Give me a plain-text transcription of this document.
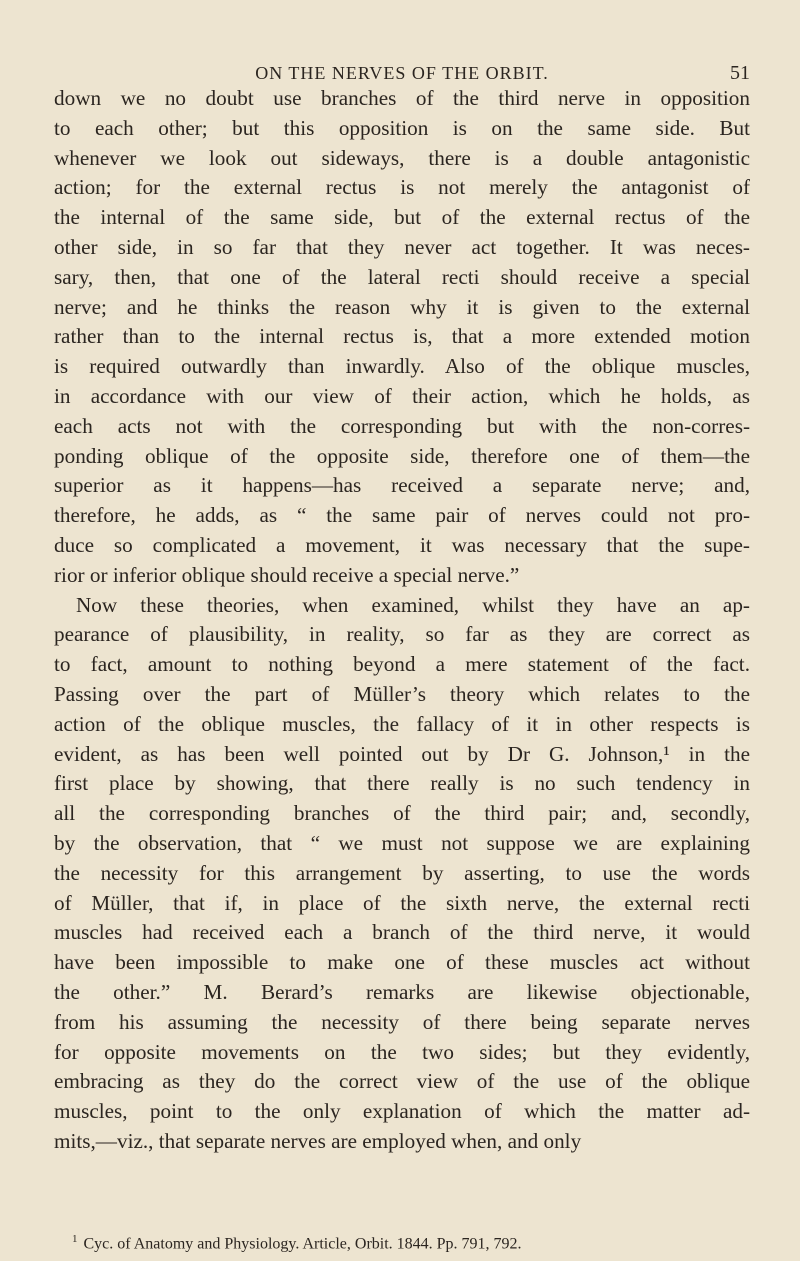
ON THE NERVES OF THE ORBIT.	51
down we no doubt use branches of the third nerve in opposition
to each other; but this opposition is on the same side. But
whenever we look out sideways, there is a double antagonistic
action; for the external rectus is not merely the antagonist of
the internal of the same side, but of the external rectus of the
other side, in so far that they never act together. It was neces-
sary, then, that one of the lateral recti should receive a special
nerve; and he thinks the reason why it is given to the external
rather than to the internal rectus is, that a more extended motion
is required outwardly than inwardly. Also of the oblique muscles,
in accordance with our view of their action, which he holds, as
each acts not with the corresponding but with the non-corres-
ponding oblique of the opposite side, therefore one of them—the
superior as it happens—has received a separate nerve; and,
therefore, he adds, as “ the same pair of nerves could not pro-
duce so complicated a movement, it was necessary that the supe-
rior or inferior oblique should receive a special nerve.”
Now these theories, when examined, whilst they have an ap-
pearance of plausibility, in reality, so far as they are correct as
to fact, amount to nothing beyond a mere statement of the fact.
Passing over the part of Müller’s theory which relates to the
action of the oblique muscles, the fallacy of it in other respects is
evident, as has been well pointed out by Dr G. Johnson,¹ in the
first place by showing, that there really is no such tendency in
all the corresponding branches of the third pair; and, secondly,
by the observation, that “ we must not suppose we are explaining
the necessity for this arrangement by asserting, to use the words
of Müller, that if, in place of the sixth nerve, the external recti
muscles had received each a branch of the third nerve, it would
have been impossible to make one of these muscles act without
the other.” M. Berard’s remarks are likewise objectionable,
from his assuming the necessity of there being separate nerves
for opposite movements on the two sides; but they evidently,
embracing as they do the correct view of the use of the oblique
muscles, point to the only explanation of which the matter ad-
mits,—viz., that separate nerves are employed when, and only
$^1$ Cyc. of Anatomy and Physiology. Article, Orbit. 1844. Pp. 791, 792.
